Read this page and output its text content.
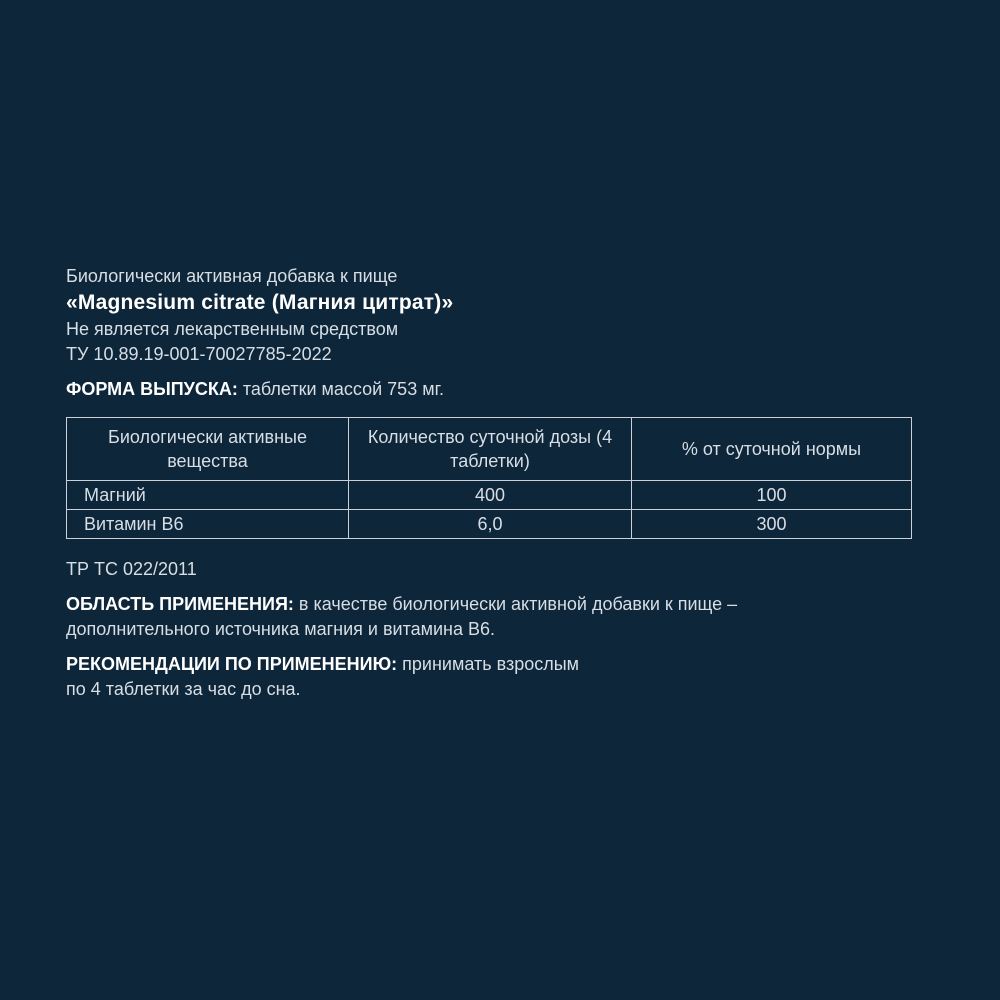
Биологически активная добавка к пище
«Magnesium citrate (Магния цитрат)»
Не является лекарственным средством
ТУ 10.89.19-001-70027785-2022
ФОРМА ВЫПУСКА: таблетки массой 753 мг.
Биологически активные вещества	Количество суточной дозы (4 таблетки)	% от суточной нормы
Магний	400	100
Витамин В6	6,0	300
ТР ТС 022/2011
ОБЛАСТЬ ПРИМЕНЕНИЯ: в качестве биологически активной добавки к пище –
дополнительного источника магния и витамина В6.
РЕКОМЕНДАЦИИ ПО ПРИМЕНЕНИЮ: принимать взрослым
по 4 таблетки за час до сна.
